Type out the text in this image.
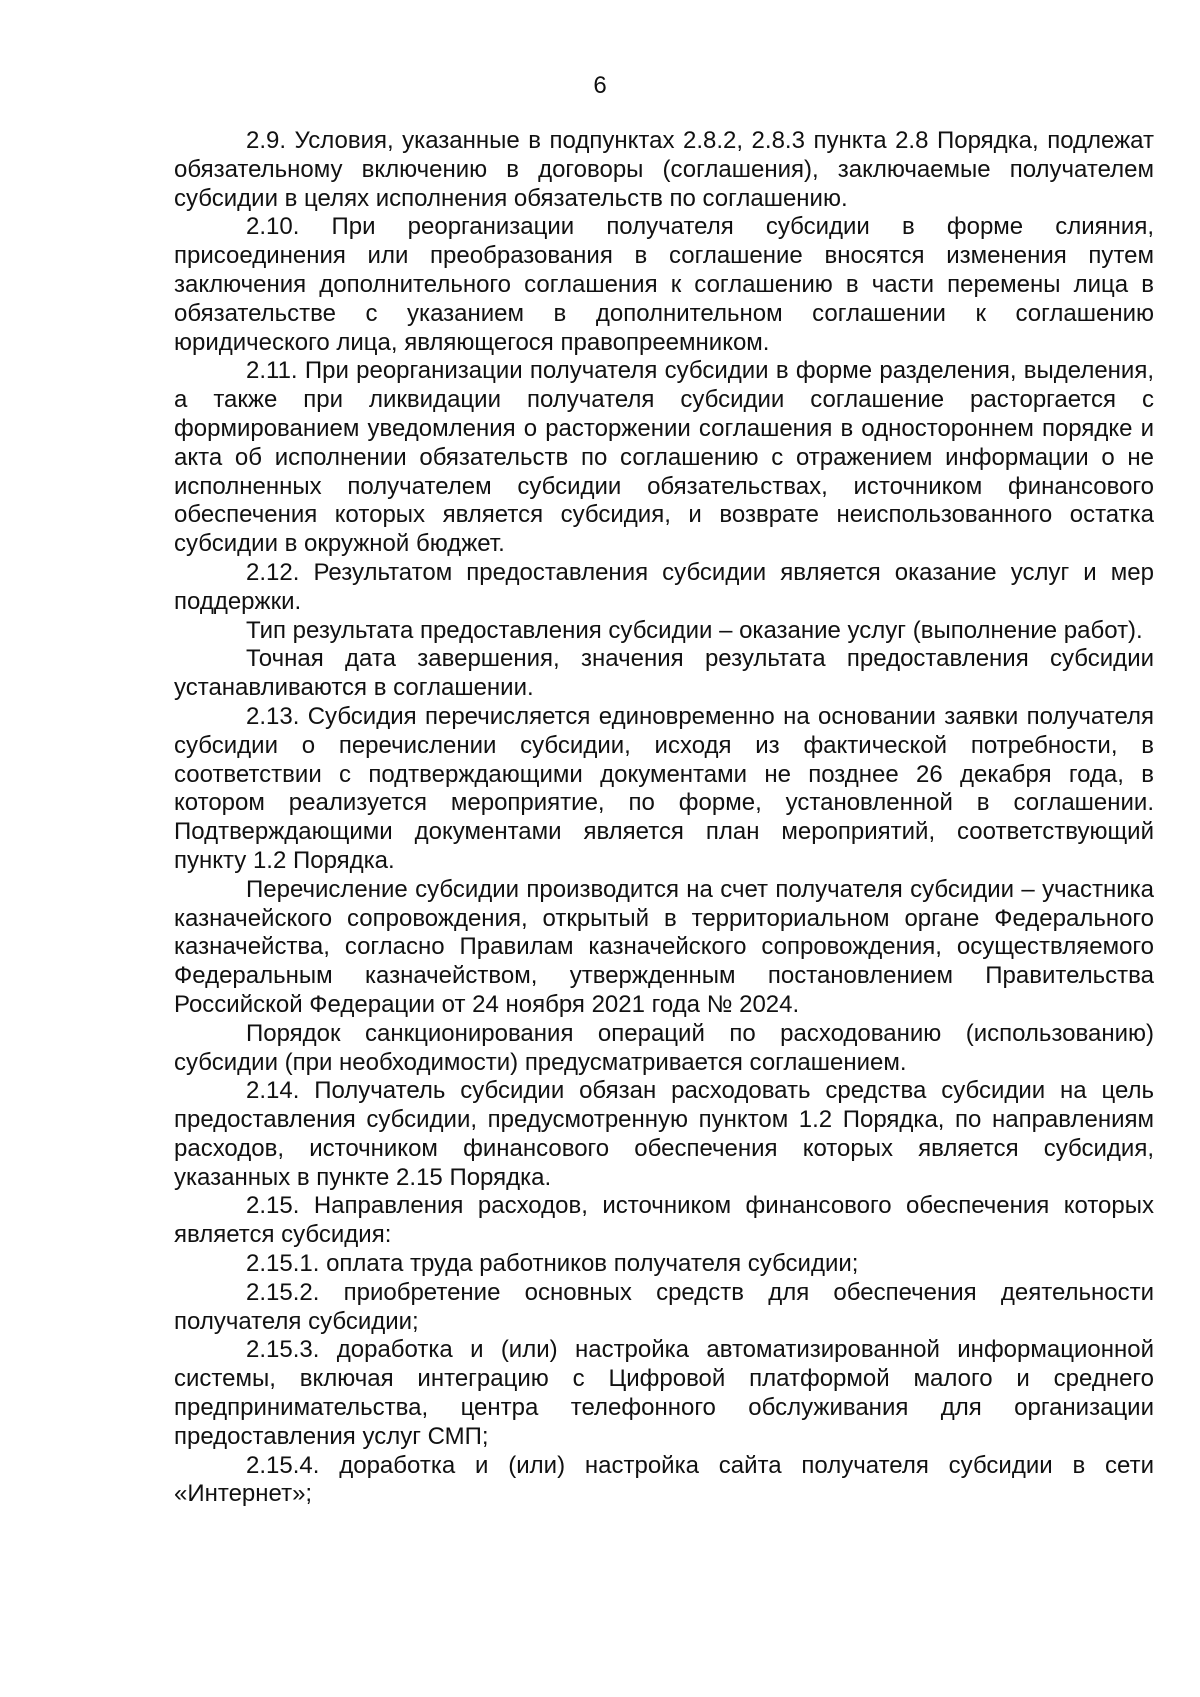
6

2.9. Условия, указанные в подпунктах 2.8.2, 2.8.3 пункта 2.8 Порядка, подлежат обязательному включению в договоры (соглашения), заключаемые получателем субсидии в целях исполнения обязательств по соглашению.

2.10. При реорганизации получателя субсидии в форме слияния, присоединения или преобразования в соглашение вносятся изменения путем заключения дополнительного соглашения к соглашению в части перемены лица в обязательстве с указанием в дополнительном соглашении к соглашению юридического лица, являющегося правопреемником.

2.11. При реорганизации получателя субсидии в форме разделения, выделения, а также при ликвидации получателя субсидии соглашение расторгается с формированием уведомления о расторжении соглашения в одностороннем порядке и акта об исполнении обязательств по соглашению с отражением информации о не исполненных получателем субсидии обязательствах, источником финансового обеспечения которых является субсидия, и возврате неиспользованного остатка субсидии в окружной бюджет.

2.12. Результатом предоставления субсидии является оказание услуг и мер поддержки.

Тип результата предоставления субсидии – оказание услуг (выполнение работ).

Точная дата завершения, значения результата предоставления субсидии устанавливаются в соглашении.

2.13. Субсидия перечисляется единовременно на основании заявки получателя субсидии о перечислении субсидии, исходя из фактической потребности, в соответствии с подтверждающими документами не позднее 26 декабря года, в котором реализуется мероприятие, по форме, установленной в соглашении. Подтверждающими документами является план мероприятий, соответствующий пункту 1.2 Порядка.

Перечисление субсидии производится на счет получателя субсидии – участника казначейского сопровождения, открытый в территориальном органе Федерального казначейства, согласно Правилам казначейского сопровождения, осуществляемого Федеральным казначейством, утвержденным постановлением Правительства Российской Федерации от 24 ноября 2021 года № 2024.

Порядок санкционирования операций по расходованию (использованию) субсидии (при необходимости) предусматривается соглашением.

2.14. Получатель субсидии обязан расходовать средства субсидии на цель предоставления субсидии, предусмотренную пунктом 1.2 Порядка, по направлениям расходов, источником финансового обеспечения которых является субсидия, указанных в пункте 2.15 Порядка.

2.15. Направления расходов, источником финансового обеспечения которых является субсидия:

2.15.1. оплата труда работников получателя субсидии;

2.15.2. приобретение основных средств для обеспечения деятельности получателя субсидии;

2.15.3. доработка и (или) настройка автоматизированной информационной системы, включая интеграцию с Цифровой платформой малого и среднего предпринимательства, центра телефонного обслуживания для организации предоставления услуг СМП;

2.15.4. доработка и (или) настройка сайта получателя субсидии в сети «Интернет»;
